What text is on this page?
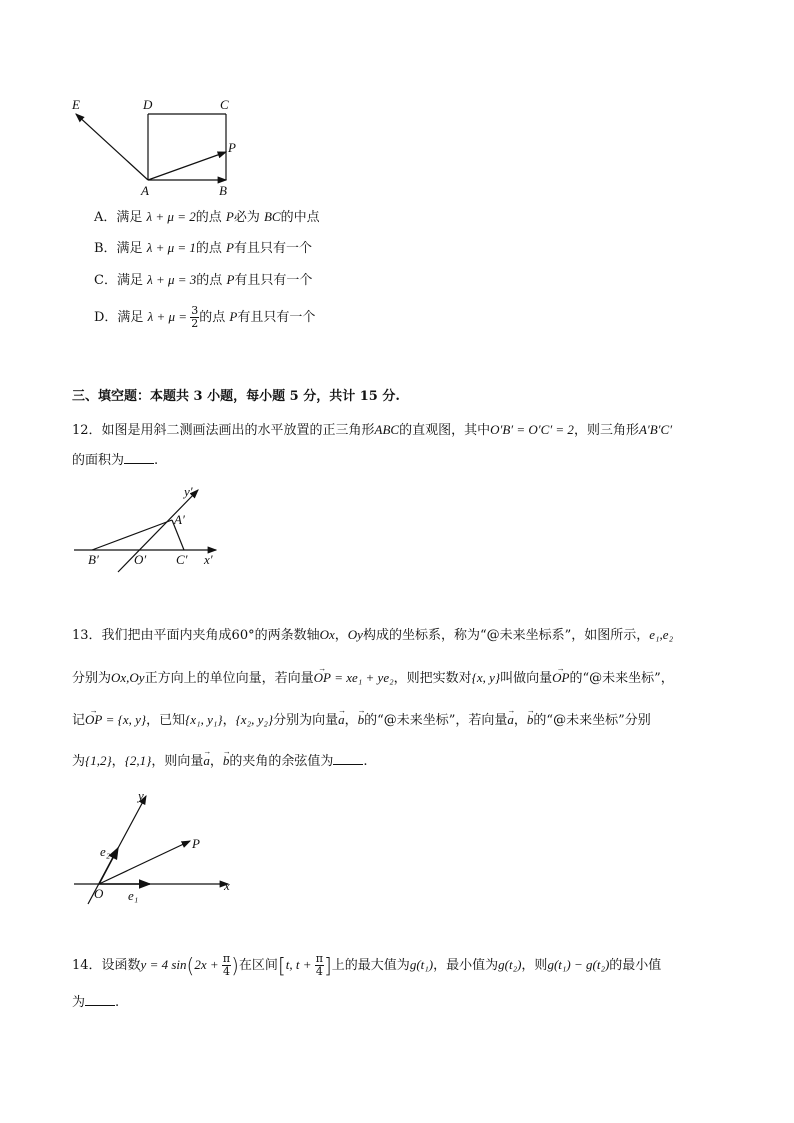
E	D	C
P
A	B
A．满足 λ + μ = 2的点 P必为 BC的中点
B．满足 λ + μ = 1的点 P有且只有一个
C．满足 λ + μ = 3的点 P有且只有一个
D．满足 $\lambda + \mu = \frac{3}{2}$ 的点 P有且只有一个
三、填空题：本题共 3 小题，每小题 5 分，共计 15 分.
12．如图是用斜二测画法画出的水平放置的正三角形ABC的直观图，其中O′B′ = O′C′ = 2，则三角形A′B′C′
的面积为 .
y′
A′
B′	O′ C′ x′
13．我们把由平面内夹角成60°的两条数轴Ox，Oy构成的坐标系，称为“@未来坐标系”，如图所示，e₁,e₂
分别为Ox,Oy正方向上的单位向量，若向量→ OP = xe₁ + ye₂，则把实数对{x, y}叫做向量→ OP的“@未来坐标”，
记→ OP = {x, y}，已知{x₁, y₁}，{x₂, y₂}分别为向量→ a，→ b的“@未来坐标”，若向量→ a，→ b的“@未来坐标”分别
为{1,2}，{2,1}，则向量→ a，→ b的夹角的余弦值为 .
y
P
e₂
O e₁
x
14．设函数y = 4 $\sin(2x + \frac{\pi}{4}$ )在区间[t, $t + \frac{\pi}{4}$ ]上的最大值为g(t₁)，最小值为g(t₂)，则g(t₁) − g(t₂)的最小值
为 .
